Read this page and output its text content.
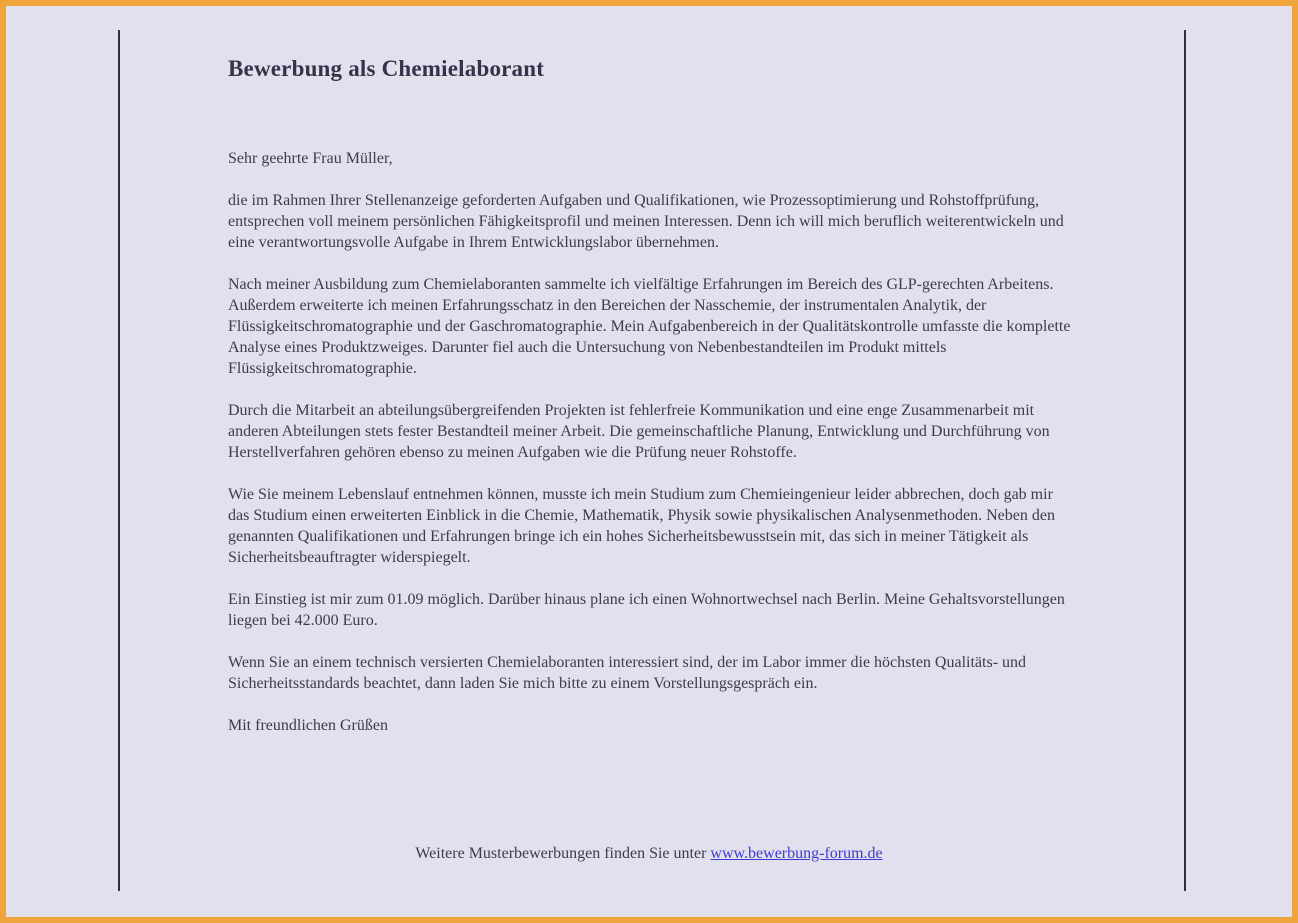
Bewerbung als Chemielaborant

Sehr geehrte Frau Müller,

die im Rahmen Ihrer Stellenanzeige geforderten Aufgaben und Qualifikationen, wie Prozessoptimierung und Rohstoffprüfung, entsprechen voll meinem persönlichen Fähigkeitsprofil und meinen Interessen. Denn ich will mich beruflich weiterentwickeln und eine verantwortungsvolle Aufgabe in Ihrem Entwicklungslabor übernehmen.

Nach meiner Ausbildung zum Chemielaboranten sammelte ich vielfältige Erfahrungen im Bereich des GLP-gerechten Arbeitens. Außerdem erweiterte ich meinen Erfahrungsschatz in den Bereichen der Nasschemie, der instrumentalen Analytik, der Flüssigkeitschromatographie und der Gaschromatographie. Mein Aufgabenbereich in der Qualitätskontrolle umfasste die komplette Analyse eines Produktzweiges. Darunter fiel auch die Untersuchung von Nebenbestandteilen im Produkt mittels Flüssigkeitschromatographie.

Durch die Mitarbeit an abteilungsübergreifenden Projekten ist fehlerfreie Kommunikation und eine enge Zusammenarbeit mit anderen Abteilungen stets fester Bestandteil meiner Arbeit. Die gemeinschaftliche Planung, Entwicklung und Durchführung von Herstellverfahren gehören ebenso zu meinen Aufgaben wie die Prüfung neuer Rohstoffe.

Wie Sie meinem Lebenslauf entnehmen können, musste ich mein Studium zum Chemieingenieur leider abbrechen, doch gab mir das Studium einen erweiterten Einblick in die Chemie, Mathematik, Physik sowie physikalischen Analysenmethoden. Neben den genannten Qualifikationen und Erfahrungen bringe ich ein hohes Sicherheitsbewusstsein mit, das sich in meiner Tätigkeit als Sicherheitsbeauftragter widerspiegelt.

Ein Einstieg ist mir zum 01.09 möglich. Darüber hinaus plane ich einen Wohnortwechsel nach Berlin. Meine Gehaltsvorstellungen liegen bei 42.000 Euro.

Wenn Sie an einem technisch versierten Chemielaboranten interessiert sind, der im Labor immer die höchsten Qualitäts- und Sicherheitsstandards beachtet, dann laden Sie mich bitte zu einem Vorstellungsgespräch ein.

Mit freundlichen Grüßen

Weitere Musterbewerbungen finden Sie unter www.bewerbung-forum.de
